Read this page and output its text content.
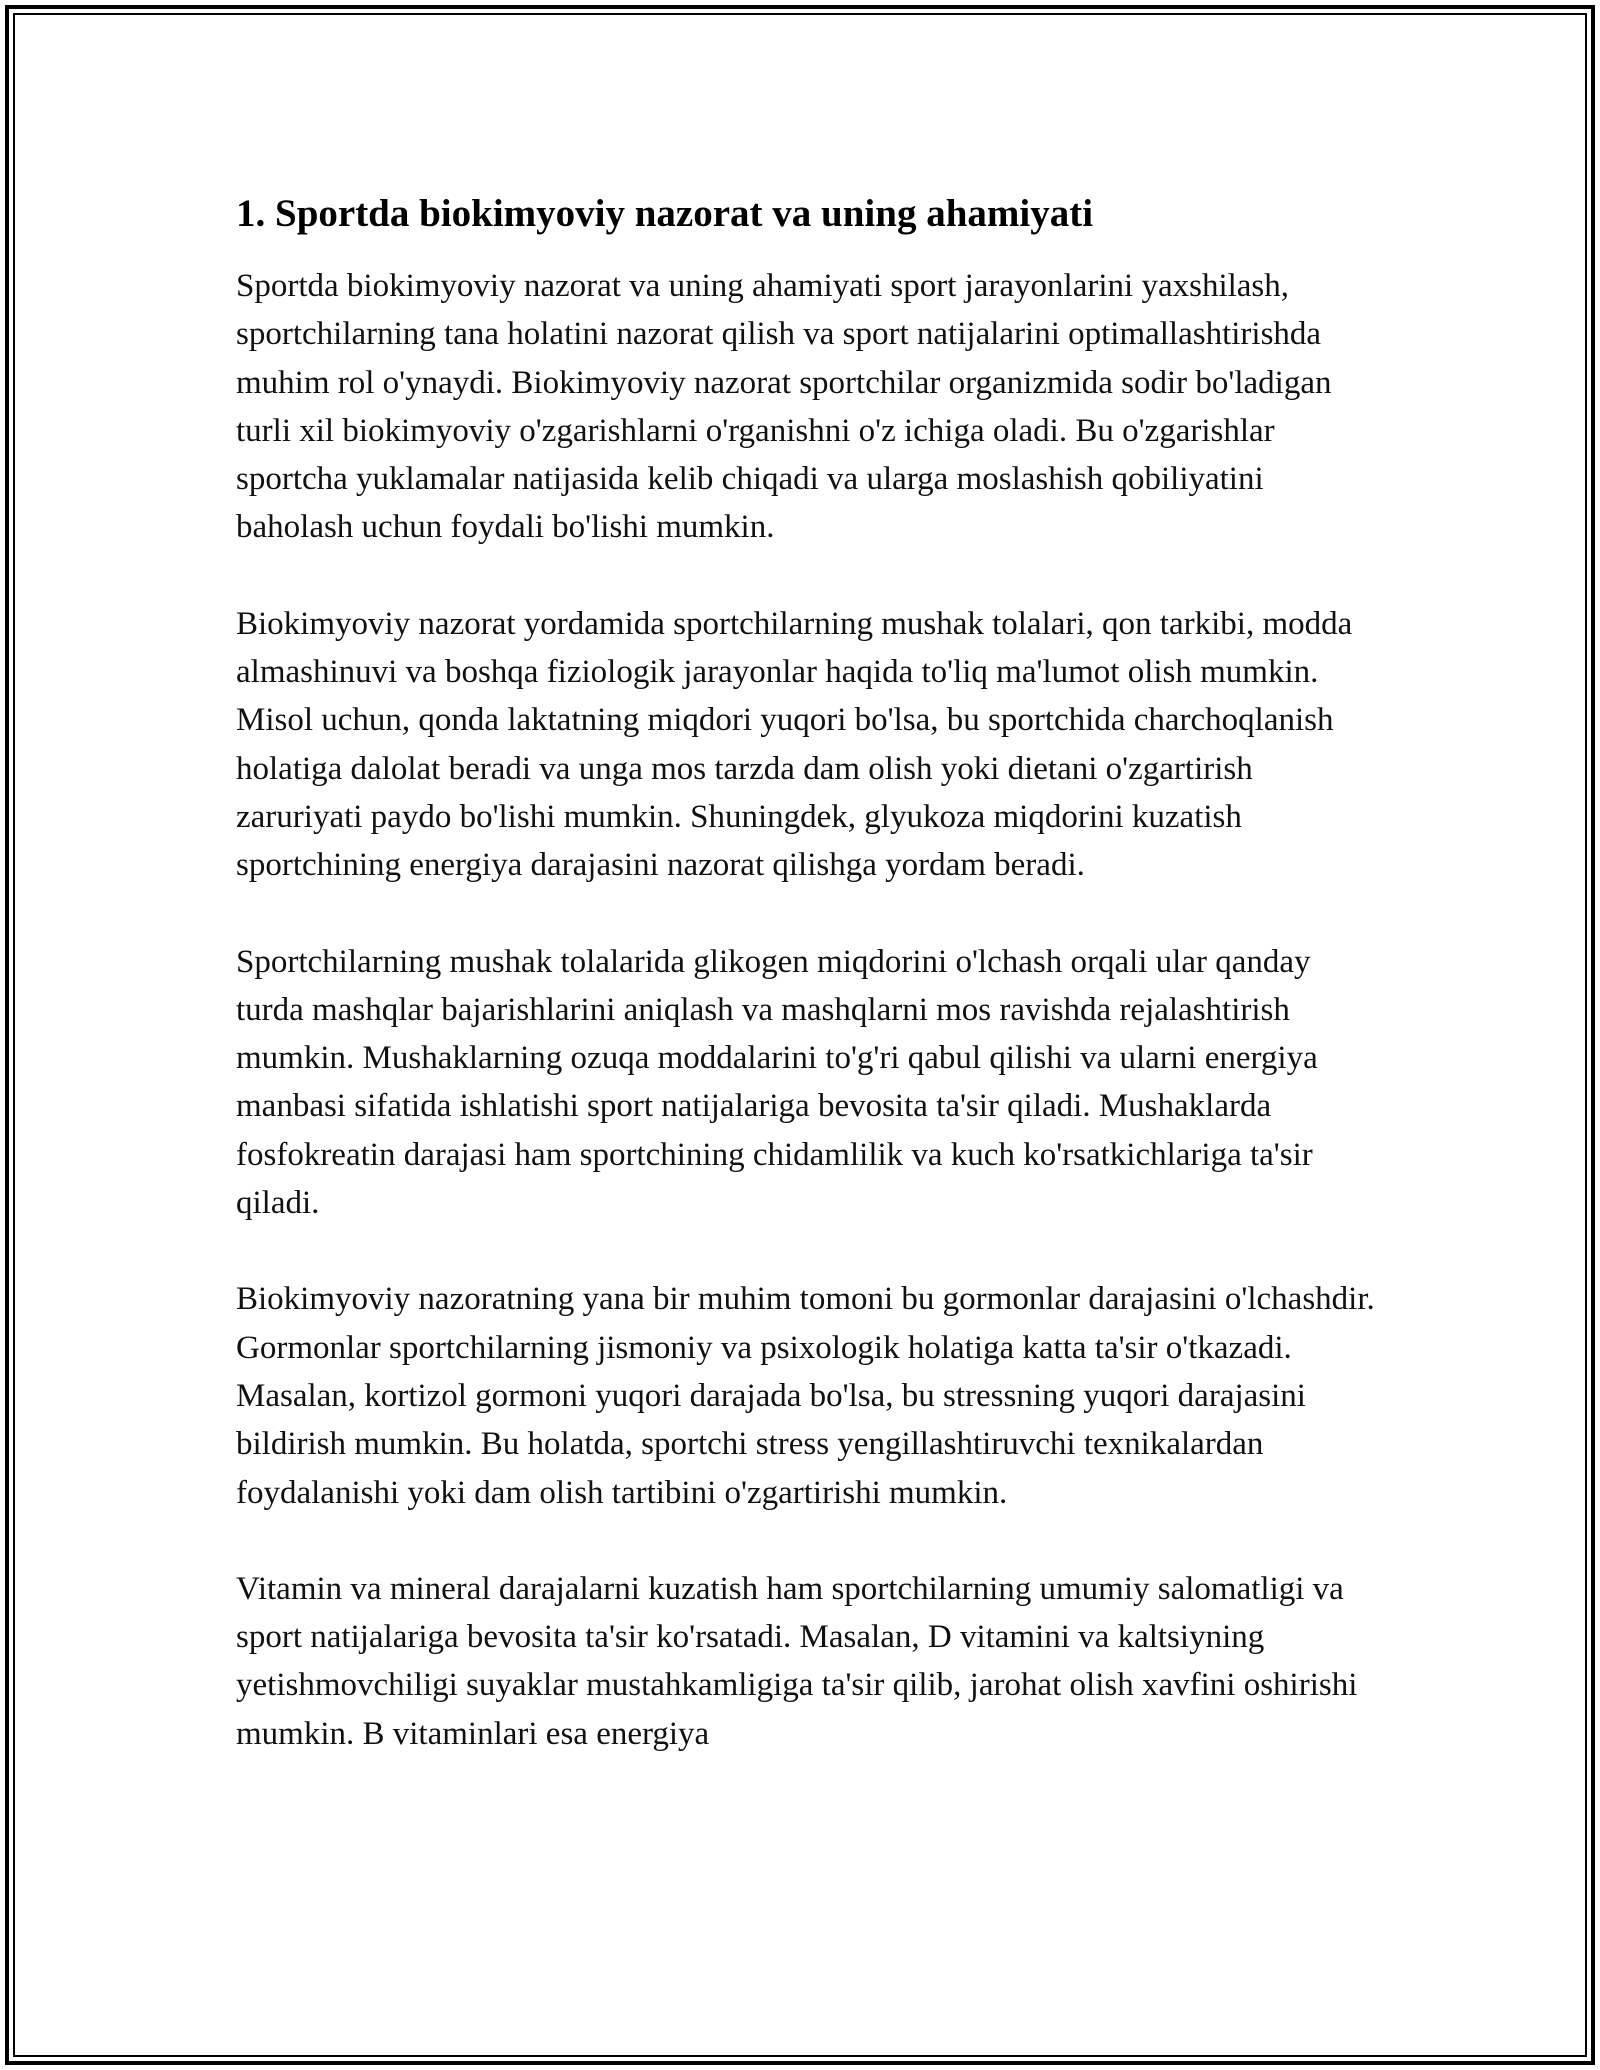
1. Sportda biokimyoviy nazorat va uning ahamiyati

Sportda biokimyoviy nazorat va uning ahamiyati sport jarayonlarini yaxshilash, sportchilarning tana holatini nazorat qilish va sport natijalarini optimallashtirishda muhim rol o'ynaydi. Biokimyoviy nazorat sportchilar organizmida sodir bo'ladigan turli xil biokimyoviy o'zgarishlarni o'rganishni o'z ichiga oladi. Bu o'zgarishlar sportcha yuklamalar natijasida kelib chiqadi va ularga moslashish qobiliyatini baholash uchun foydali bo'lishi mumkin.

Biokimyoviy nazorat yordamida sportchilarning mushak tolalari, qon tarkibi, modda almashinuvi va boshqa fiziologik jarayonlar haqida to'liq ma'lumot olish mumkin. Misol uchun, qonda laktatning miqdori yuqori bo'lsa, bu sportchida charchoqlanish holatiga dalolat beradi va unga mos tarzda dam olish yoki dietani o'zgartirish zaruriyati paydo bo'lishi mumkin. Shuningdek, glyukoza miqdorini kuzatish sportchining energiya darajasini nazorat qilishga yordam beradi.

Sportchilarning mushak tolalarida glikogen miqdorini o'lchash orqali ular qanday turda mashqlar bajarishlarini aniqlash va mashqlarni mos ravishda rejalashtirish mumkin. Mushaklarning ozuqa moddalarini to'g'ri qabul qilishi va ularni energiya manbasi sifatida ishlatishi sport natijalariga bevosita ta'sir qiladi. Mushaklarda fosfokreatin darajasi ham sportchining chidamlilik va kuch ko'rsatkichlariga ta'sir qiladi.

Biokimyoviy nazoratning yana bir muhim tomoni bu gormonlar darajasini o'lchashdir. Gormonlar sportchilarning jismoniy va psixologik holatiga katta ta'sir o'tkazadi. Masalan, kortizol gormoni yuqori darajada bo'lsa, bu stressning yuqori darajasini bildirish mumkin. Bu holatda, sportchi stress yengillashtiruvchi texnikalardan foydalanishi yoki dam olish tartibini o'zgartirishi mumkin.

Vitamin va mineral darajalarni kuzatish ham sportchilarning umumiy salomatligi va sport natijalariga bevosita ta'sir ko'rsatadi. Masalan, D vitamini va kaltsiyning yetishmovchiligi suyaklar mustahkamligiga ta'sir qilib, jarohat olish xavfini oshirishi mumkin. B vitaminlari esa energiya
